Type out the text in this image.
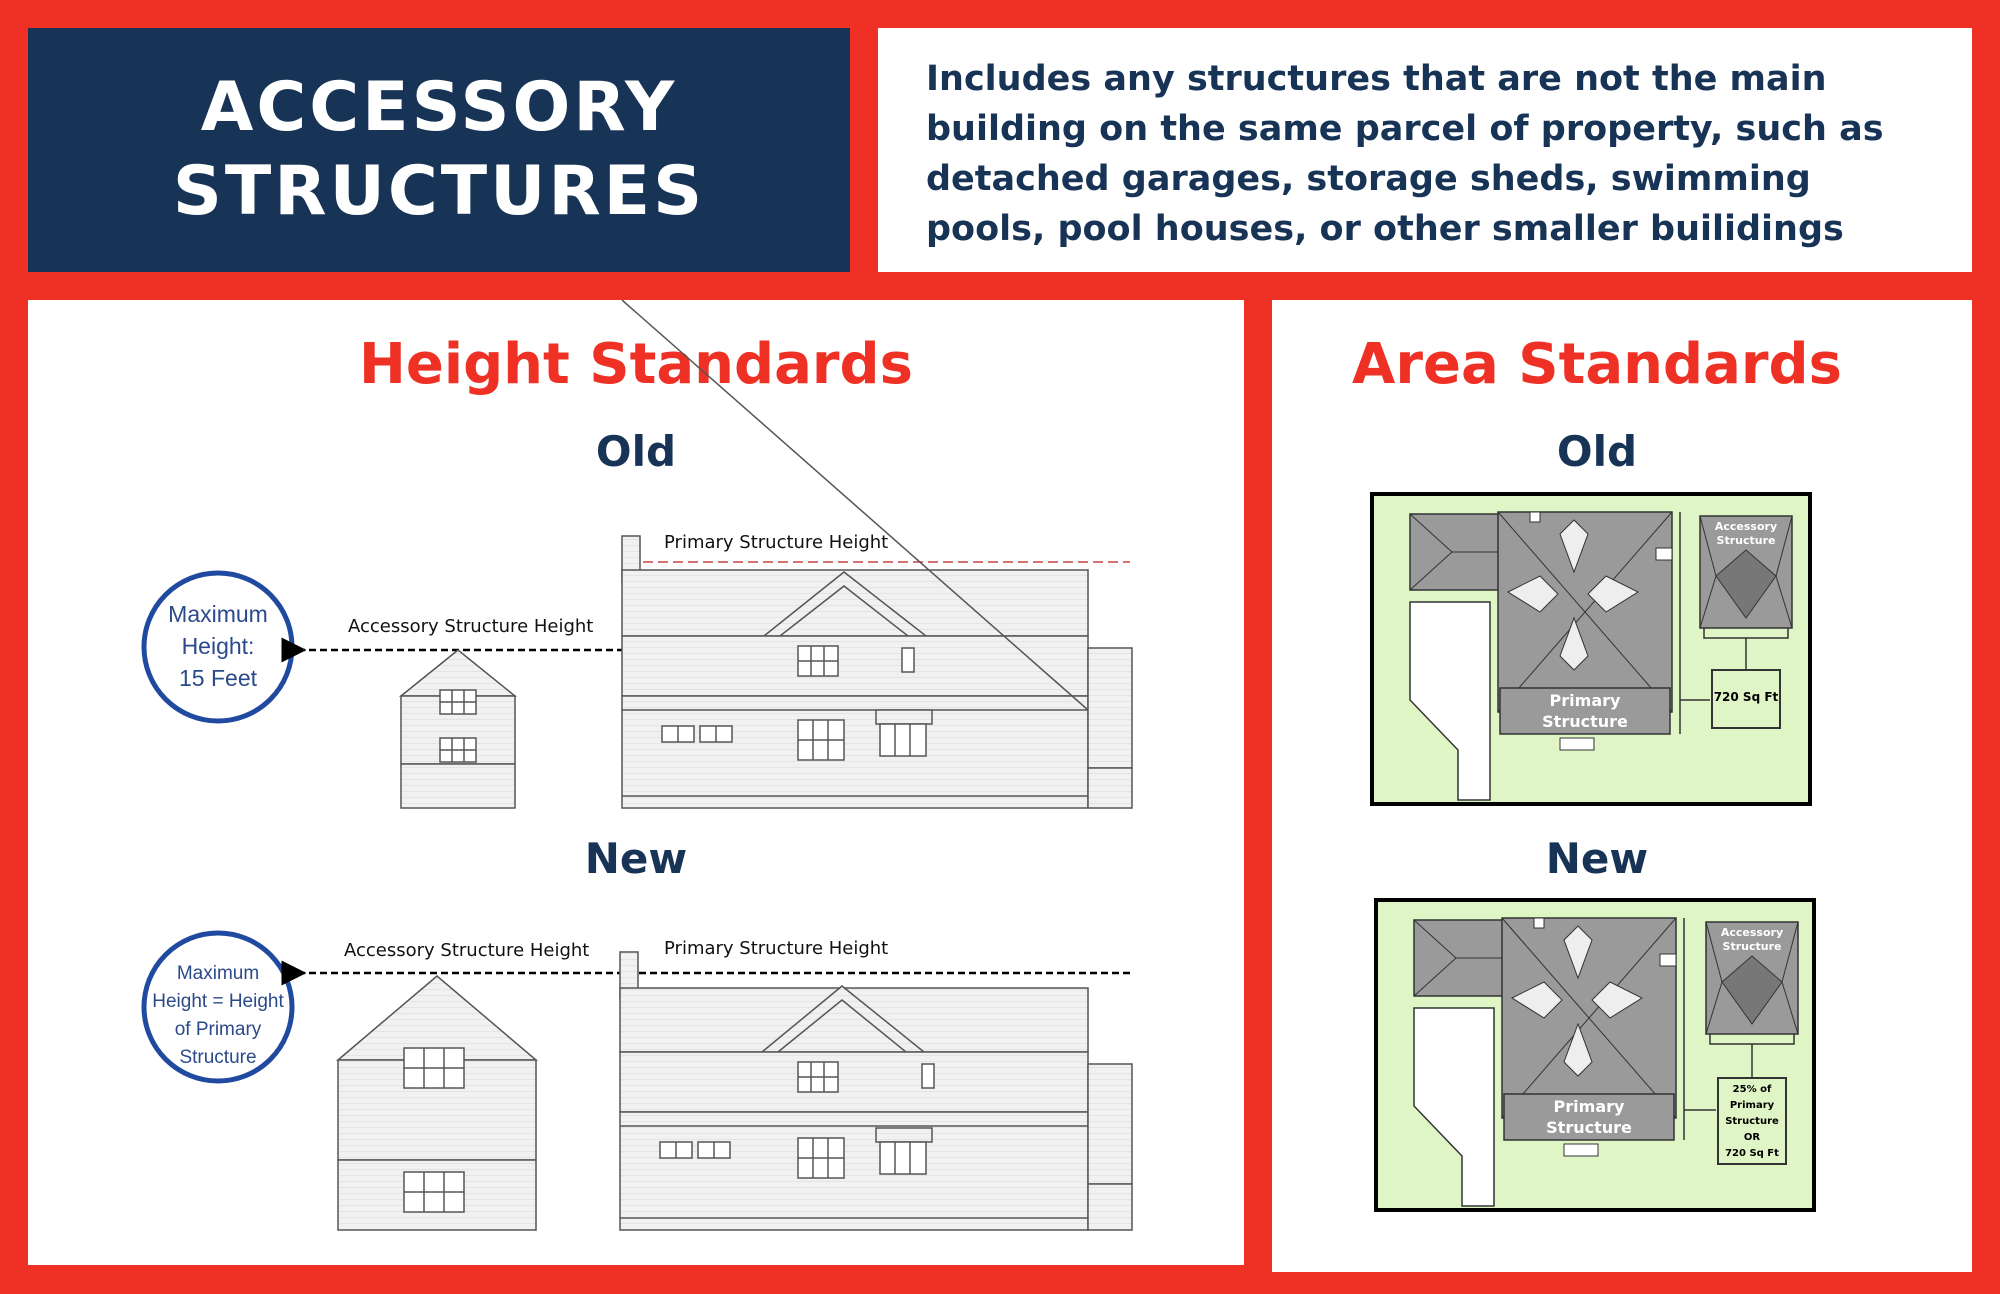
ACCESSORY
STRUCTURES
Includes any structures that are not the main building on the same parcel of property, such as detached garages, storage sheds, swimming pools, pool houses, or other smaller builidings
Height Standards
Old
New
Primary Structure Height
Accessory Structure Height
Maximum
Height:
15 Feet
Accessory Structure Height	Primary Structure Height
Maximum
Height = Height
of Primary
Structure
Area Standards
Old
New
Accessory
Structure
Primary
Structure
720 Sq Ft
Accessory
Structure
Primary
Structure
25% of
Primary
Structure
OR
720 Sq Ft
